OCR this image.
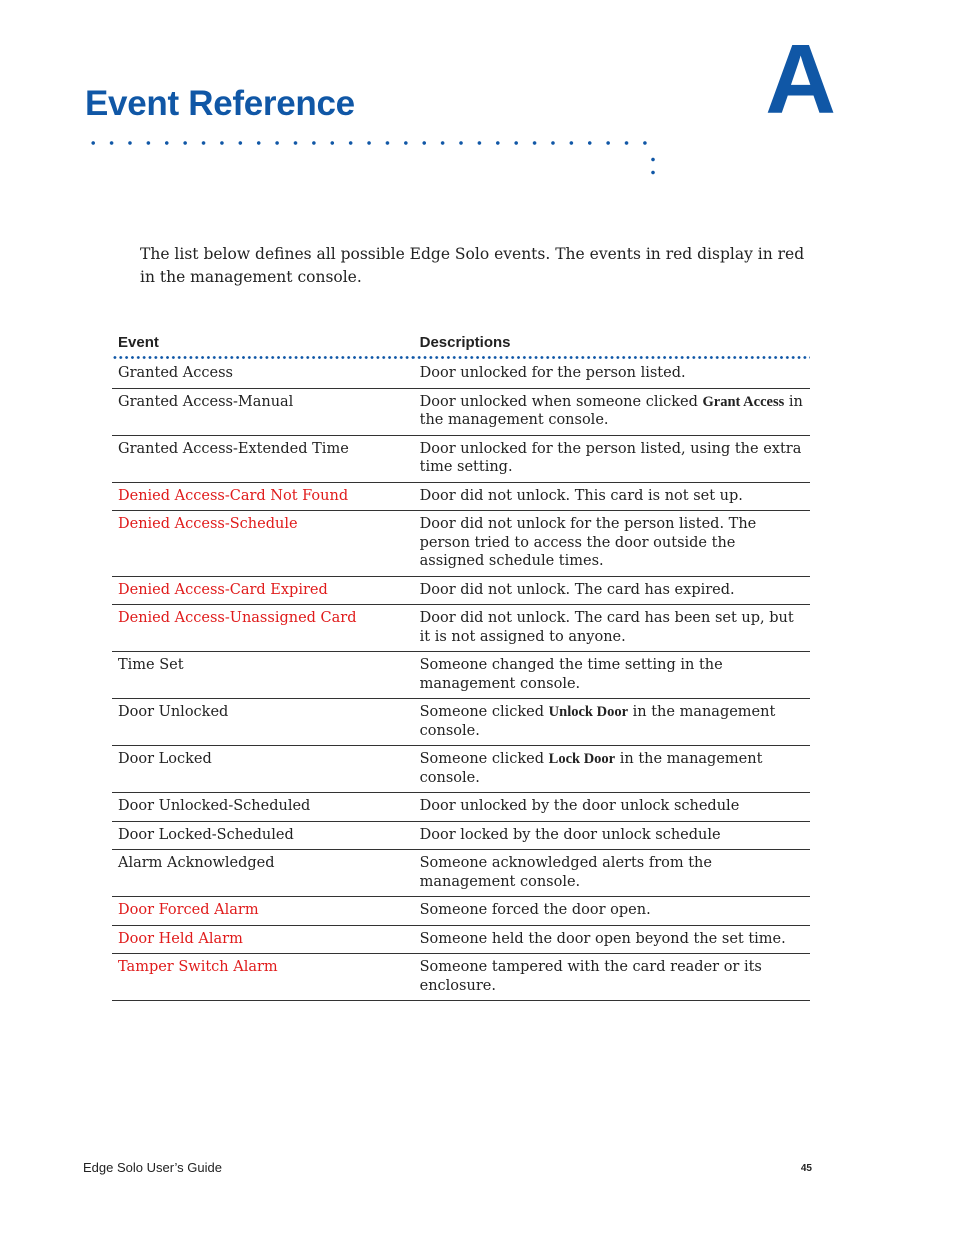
Event Reference	A

The list below defines all possible Edge Solo events. The events in red display in red in the management console.

Event	Descriptions
Granted Access	Door unlocked for the person listed.
Granted Access-Manual	Door unlocked when someone clicked Grant Access in the management console.
Granted Access-Extended Time	Door unlocked for the person listed, using the extra time setting.
Denied Access-Card Not Found	Door did not unlock. This card is not set up.
Denied Access-Schedule	Door did not unlock for the person listed. The person tried to access the door outside the assigned schedule times.
Denied Access-Card Expired	Door did not unlock. The card has expired.
Denied Access-Unassigned Card	Door did not unlock. The card has been set up, but it is not assigned to anyone.
Time Set	Someone changed the time setting in the management console.
Door Unlocked	Someone clicked Unlock Door in the management console.
Door Locked	Someone clicked Lock Door in the management console.
Door Unlocked-Scheduled	Door unlocked by the door unlock schedule
Door Locked-Scheduled	Door locked by the door unlock schedule
Alarm Acknowledged	Someone acknowledged alerts from the management console.
Door Forced Alarm	Someone forced the door open.
Door Held Alarm	Someone held the door open beyond the set time.
Tamper Switch Alarm	Someone tampered with the card reader or its enclosure.

Edge Solo User’s Guide	45
